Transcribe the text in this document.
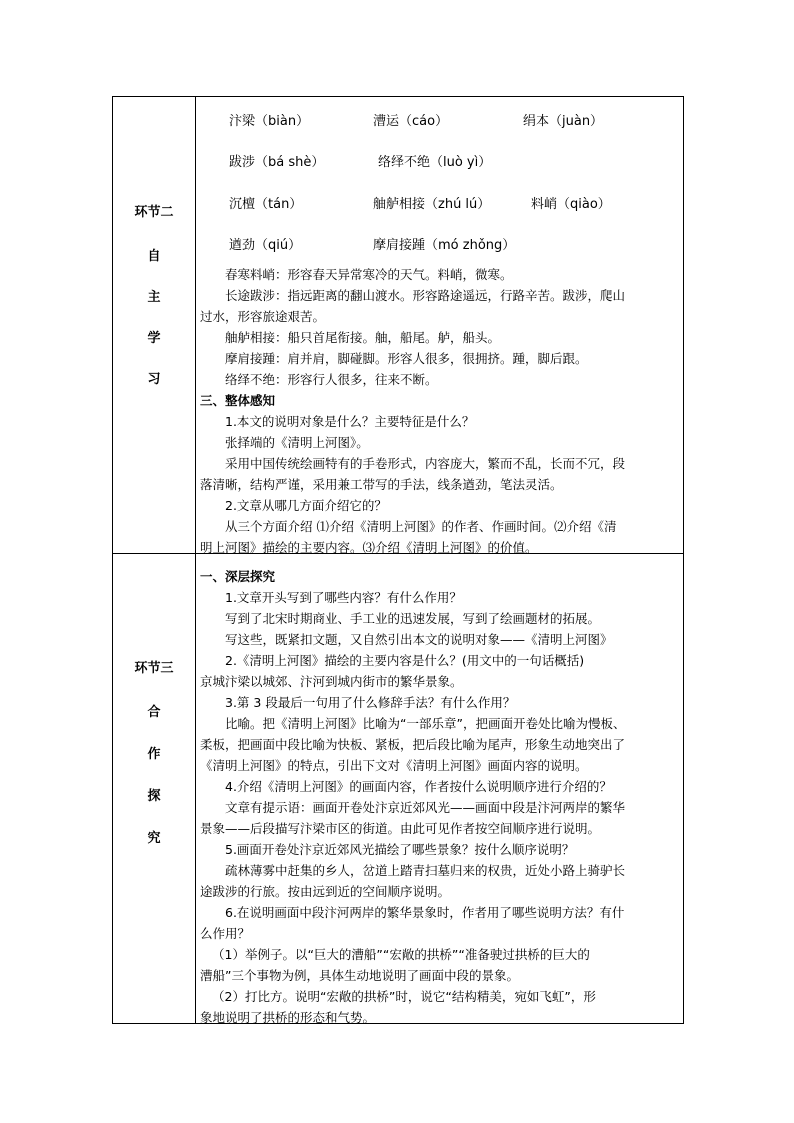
环节二
自
主
学
习
汴梁（biàn）	漕运（cáo）	绢本（juàn）
跋涉（bá shè）	络绎不绝（luò yì）
沉檀（tán）	舳舻相接（zhú lú）	料峭（qiào）
遒劲（qiú）	摩肩接踵（mó zhǒng）
春寒料峭：形容春天异常寒冷的天气。料峭，微寒。
长途跋涉：指远距离的翻山渡水。形容路途遥远，行路辛苦。跋涉，爬山
过水，形容旅途艰苦。
舳舻相接：船只首尾衔接。舳，船尾。舻，船头。
摩肩接踵：肩并肩，脚碰脚。形容人很多，很拥挤。踵，脚后跟。
络绎不绝：形容行人很多，往来不断。
三、整体感知
1.本文的说明对象是什么？主要特征是什么？
张择端的《清明上河图》。
采用中国传统绘画特有的手卷形式，内容庞大，繁而不乱，长而不冗，段
落清晰，结构严谨，采用兼工带写的手法，线条遒劲，笔法灵活。
2.文章从哪几方面介绍它的？
从三个方面介绍 ⑴介绍《清明上河图》的作者、作画时间。⑵介绍《清
明上河图》描绘的主要内容。⑶介绍《清明上河图》的价值。
环节三
合
作
探
究
一、深层探究
1.文章开头写到了哪些内容？有什么作用？
写到了北宋时期商业、手工业的迅速发展，写到了绘画题材的拓展。
写这些，既紧扣文题，又自然引出本文的说明对象——《清明上河图》
2.《清明上河图》描绘的主要内容是什么？(用文中的一句话概括)
京城汴梁以城郊、汴河到城内街市的繁华景象。
3.第 3 段最后一句用了什么修辞手法？有什么作用？
比喻。把《清明上河图》比喻为“一部乐章”，把画面开卷处比喻为慢板、
柔板，把画面中段比喻为快板、紧板，把后段比喻为尾声，形象生动地突出了
《清明上河图》的特点，引出下文对《清明上河图》画面内容的说明。
4.介绍《清明上河图》的画面内容，作者按什么说明顺序进行介绍的？
文章有提示语：画面开卷处汴京近郊风光——画面中段是汴河两岸的繁华
景象——后段描写汴梁市区的街道。由此可见作者按空间顺序进行说明。
5.画面开卷处汴京近郊风光描绘了哪些景象？按什么顺序说明？
疏林薄雾中赶集的乡人，岔道上踏青扫墓归来的权贵，近处小路上骑驴长
途跋涉的行旅。按由远到近的空间顺序说明。
6.在说明画面中段汴河两岸的繁华景象时，作者用了哪些说明方法？有什
么作用？
（1）举例子。以“巨大的漕船”“宏敞的拱桥”“准备驶过拱桥的巨大的
漕船”三个事物为例，具体生动地说明了画面中段的景象。
（2）打比方。说明“宏敞的拱桥”时，说它“结构精美，宛如飞虹”，形
象地说明了拱桥的形态和气势。
